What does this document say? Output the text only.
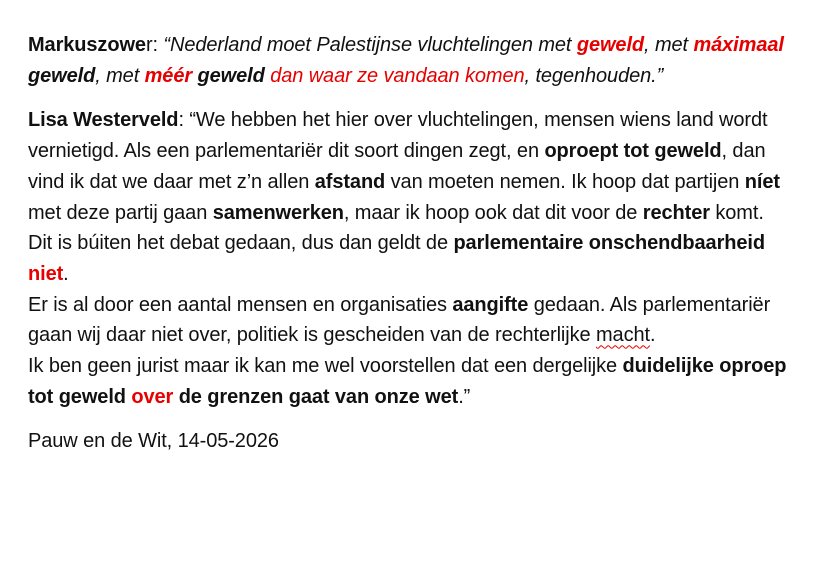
Markuszower: “Nederland moet Palestijnse vluchtelingen met geweld, met máximaal geweld, met méér geweld dan waar ze vandaan komen, tegenhouden.”

Lisa Westerveld: “We hebben het hier over vluchtelingen, mensen wiens land wordt vernietigd. Als een parlementariër dit soort dingen zegt, en oproept tot geweld, dan vind ik dat we daar met z’n allen afstand van moeten nemen. Ik hoop dat partijen níet met deze partij gaan samenwerken, maar ik hoop ook dat dit voor de rechter komt.

Dit is búiten het debat gedaan, dus dan geldt de parlementaire onschendbaarheid niet.

Er is al door een aantal mensen en organisaties aangifte gedaan. Als parlementariër gaan wij daar niet over, politiek is gescheiden van de rechterlijke macht.

Ik ben geen jurist maar ik kan me wel voorstellen dat een dergelijke duidelijke oproep tot geweld over de grenzen gaat van onze wet.”

Pauw en de Wit, 14-05-2026
